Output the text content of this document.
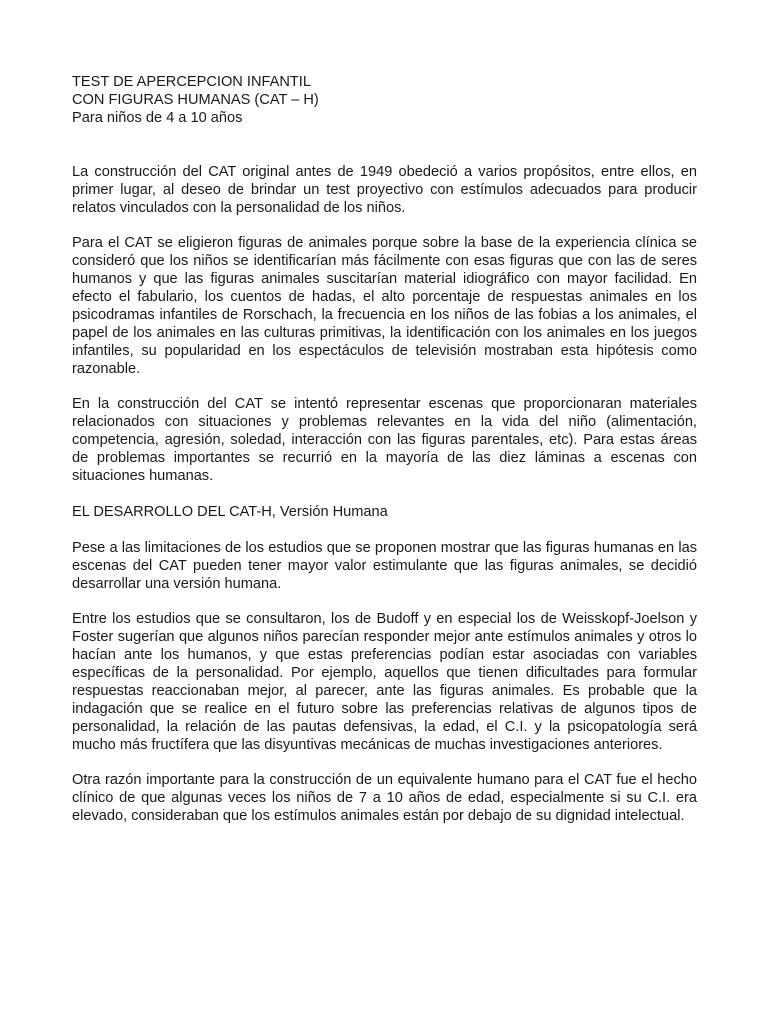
TEST DE APERCEPCION INFANTIL
CON FIGURAS HUMANAS (CAT – H)
Para niños de 4 a 10 años

La construcción del CAT original antes de 1949 obedeció a varios propósitos, entre ellos, en primer lugar, al deseo de brindar un test proyectivo con estímulos adecuados para producir relatos vinculados con la personalidad de los niños.

Para el CAT se eligieron figuras de animales porque sobre la base de la experiencia clínica se consideró que los niños se identificarían más fácilmente con esas figuras que con las de seres humanos y que las figuras animales suscitarían material idiográfico con mayor facilidad. En efecto el fabulario, los cuentos de hadas, el alto porcentaje de respuestas animales en los psicodramas infantiles de Rorschach, la frecuencia en los niños de las fobias a los animales, el papel de los animales en las culturas primitivas, la identificación con los animales en los juegos infantiles, su popularidad en los espectáculos de televisión mostraban esta hipótesis como razonable.

En la construcción del CAT se intentó representar escenas que proporcionaran materiales relacionados con situaciones y problemas relevantes en la vida del niño (alimentación, competencia, agresión, soledad, interacción con las figuras parentales, etc). Para estas áreas de problemas importantes se recurrió en la mayoría de las diez láminas a escenas con situaciones humanas.

EL DESARROLLO DEL CAT-H, Versión Humana

Pese a las limitaciones de los estudios que se proponen mostrar que las figuras humanas en las escenas del CAT pueden tener mayor valor estimulante que las figuras animales, se decidió desarrollar una versión humana.

Entre los estudios que se consultaron, los de Budoff y en especial los de Weisskopf-Joelson y Foster sugerían que algunos niños parecían responder mejor ante estímulos animales y otros lo hacían ante los humanos, y que estas preferencias podían estar asociadas con variables específicas de la personalidad. Por ejemplo, aquellos que tienen dificultades para formular respuestas reaccionaban mejor, al parecer, ante las figuras animales. Es probable que la indagación que se realice en el futuro sobre las preferencias relativas de algunos tipos de personalidad, la relación de las pautas defensivas, la edad, el C.I. y la psicopatología será mucho más fructífera que las disyuntivas mecánicas de muchas investigaciones anteriores.

Otra razón importante para la construcción de un equivalente humano para el CAT fue el hecho clínico de que algunas veces los niños de 7 a 10 años de edad, especialmente si su C.I. era elevado, consideraban que los estímulos animales están por debajo de su dignidad intelectual.
